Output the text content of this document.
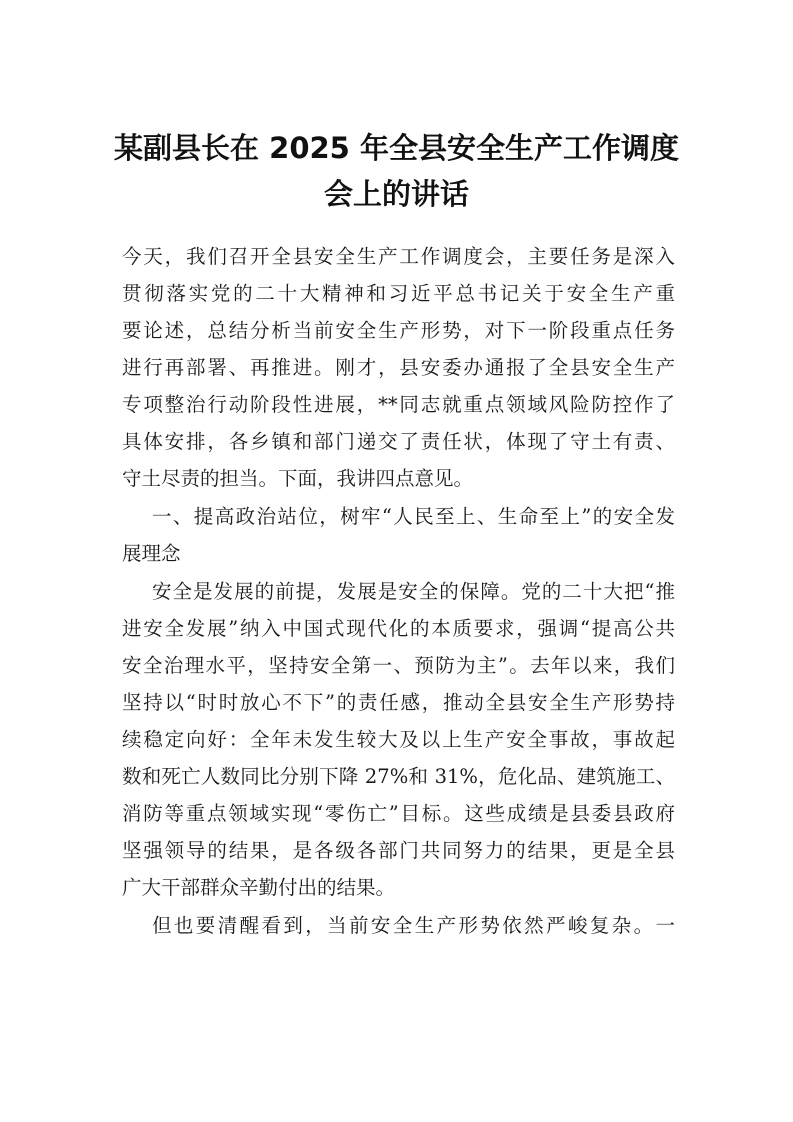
某副县长在 2025 年全县安全生产工作调度
会上的讲话
今天，我们召开全县安全生产工作调度会，主要任务是深入
贯彻落实党的二十大精神和习近平总书记关于安全生产重
要论述，总结分析当前安全生产形势，对下一阶段重点任务
进行再部署、再推进。刚才，县安委办通报了全县安全生产
专项整治行动阶段性进展，**同志就重点领域风险防控作了
具体安排，各乡镇和部门递交了责任状，体现了守土有责、
守土尽责的担当。下面，我讲四点意见。
一、提高政治站位，树牢“人民至上、生命至上”的安全发
展理念
安全是发展的前提，发展是安全的保障。党的二十大把“推
进安全发展”纳入中国式现代化的本质要求，强调“提高公共
安全治理水平，坚持安全第一、预防为主”。去年以来，我们
坚持以“时时放心不下”的责任感，推动全县安全生产形势持
续稳定向好：全年未发生较大及以上生产安全事故，事故起
数和死亡人数同比分别下降 27%和 31%，危化品、建筑施工、
消防等重点领域实现“零伤亡”目标。这些成绩是县委县政府
坚强领导的结果，是各级各部门共同努力的结果，更是全县
广大干部群众辛勤付出的结果。
但也要清醒看到，当前安全生产形势依然严峻复杂。一
